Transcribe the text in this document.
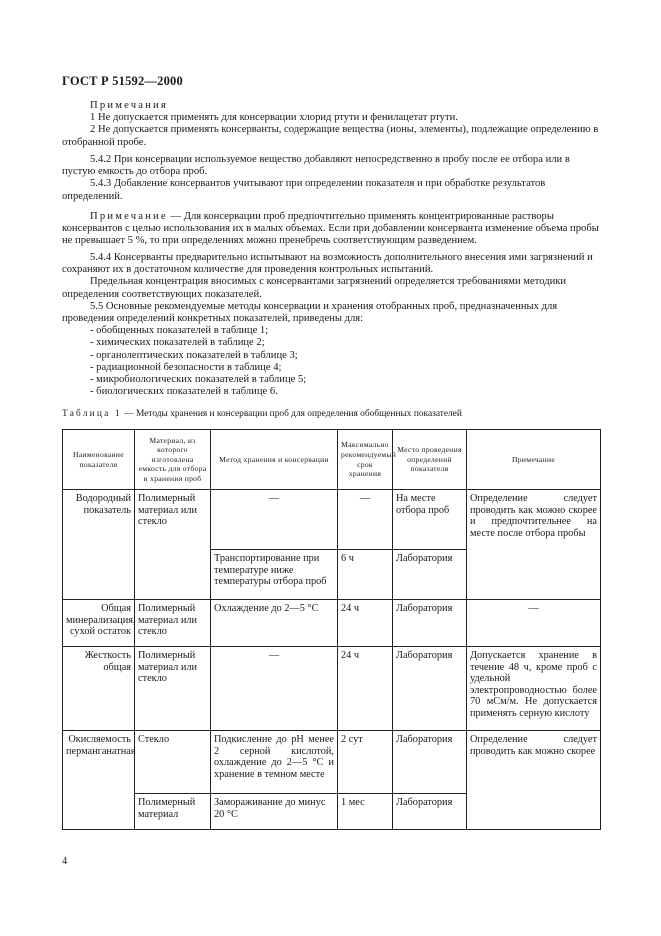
ГОСТ Р 51592—2000

Примечания

1 Не допускается применять для консервации хлорид ртути и фенилацетат ртути.

2 Не допускается применять консерванты, содержащие вещества (ионы, элементы), подлежащие определению в отобранной пробе.

5.4.2 При консервации используемое вещество добавляют непосредственно в пробу после ее отбора или в пустую емкость до отбора проб.

5.4.3 Добавление консервантов учитывают при определении показателя и при обработке результатов определений.

Примечание — Для консервации проб предпочтительно применять концентрированные растворы консервантов с целью использования их в малых объемах. Если при добавлении консерванта изменение объема пробы не превышает 5 %, то при определениях можно пренебречь соответствующим разведением.

5.4.4 Консерванты предварительно испытывают на возможность дополнительного внесения ими загрязнений и сохраняют их в достаточном количестве для проведения контрольных испытаний.

Предельная концентрация вносимых с консервантами загрязнений определяется требованиями методики определения соответствующих показателей.

5.5 Основные рекомендуемые методы консервации и хранения отобранных проб, предназначенных для проведения определений конкретных показателей, приведены для:

- обобщенных показателей в таблице 1;

- химических показателей в таблице 2;

- органолептических показателей в таблице 3;

- радиационной безопасности в таблице 4;

- микробиологических показателей в таблице 5;

- биологических показателей в таблице 6.

Таблица 1 — Методы хранения и консервации проб для определения обобщенных показателей
Наименование показателя	Материал, из которого изготовлена емкость для отбора и хранения проб	Метод хранения и консервации	Максимально рекомендуемый срок хранения	Место проведения определений показателя	Примечание
Водородный показатель	Полимерный материал или стекло	—	—	На месте отбора проб	Определение следует проводить как можно скорее и предпочтительнее на месте после отбора пробы
		Транспортирование при температуре ниже температуры отбора проб	6 ч	Лаборатория	
Общая минерализация, сухой остаток	Полимерный материал или стекло	Охлаждение до 2—5 °С	24 ч	Лаборатория	—
Жесткость общая	Полимерный материал или стекло	—	24 ч	Лаборатория	Допускается хранение в течение 48 ч, кроме проб с удельной электропроводностью более 70 мСм/м. Не допускается применять серную кислоту
Окисляемость перманганатная	Стекло	Подкисление до рН менее 2 серной кислотой, охлаждение до 2—5 °С и хранение в темном месте	2 сут	Лаборатория	Определение следует проводить как можно скорее
	Полимерный материал	Замораживание до минус 20 °С	1 мес	Лаборатория	
4
